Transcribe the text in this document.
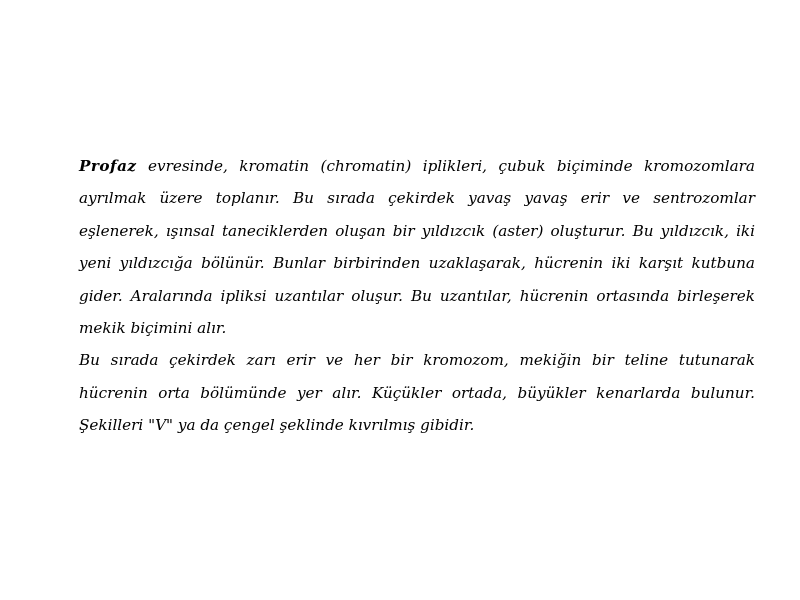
Profaz evresinde, kromatin (chromatin) iplikleri, çubuk biçiminde kromozomlara ayrılmak üzere toplanır. Bu sırada çekirdek yavaş yavaş erir ve sentrozomlar eşlenerek, ışınsal taneciklerden oluşan bir yıldızcık (aster) oluşturur. Bu yıldızcık, iki yeni yıldızcığa bölünür. Bunlar birbirinden uzaklaşarak, hücrenin iki karşıt kutbuna gider. Aralarında ipliksi uzantılar oluşur. Bu uzantılar, hücrenin ortasında birleşerek mekik biçimini alır.

Bu sırada çekirdek zarı erir ve her bir kromozom, mekiğin bir teline tutunarak hücrenin orta bölümünde yer alır. Küçükler ortada, büyükler kenarlarda bulunur. Şekilleri "V" ya da çengel şeklinde kıvrılmış gibidir.
